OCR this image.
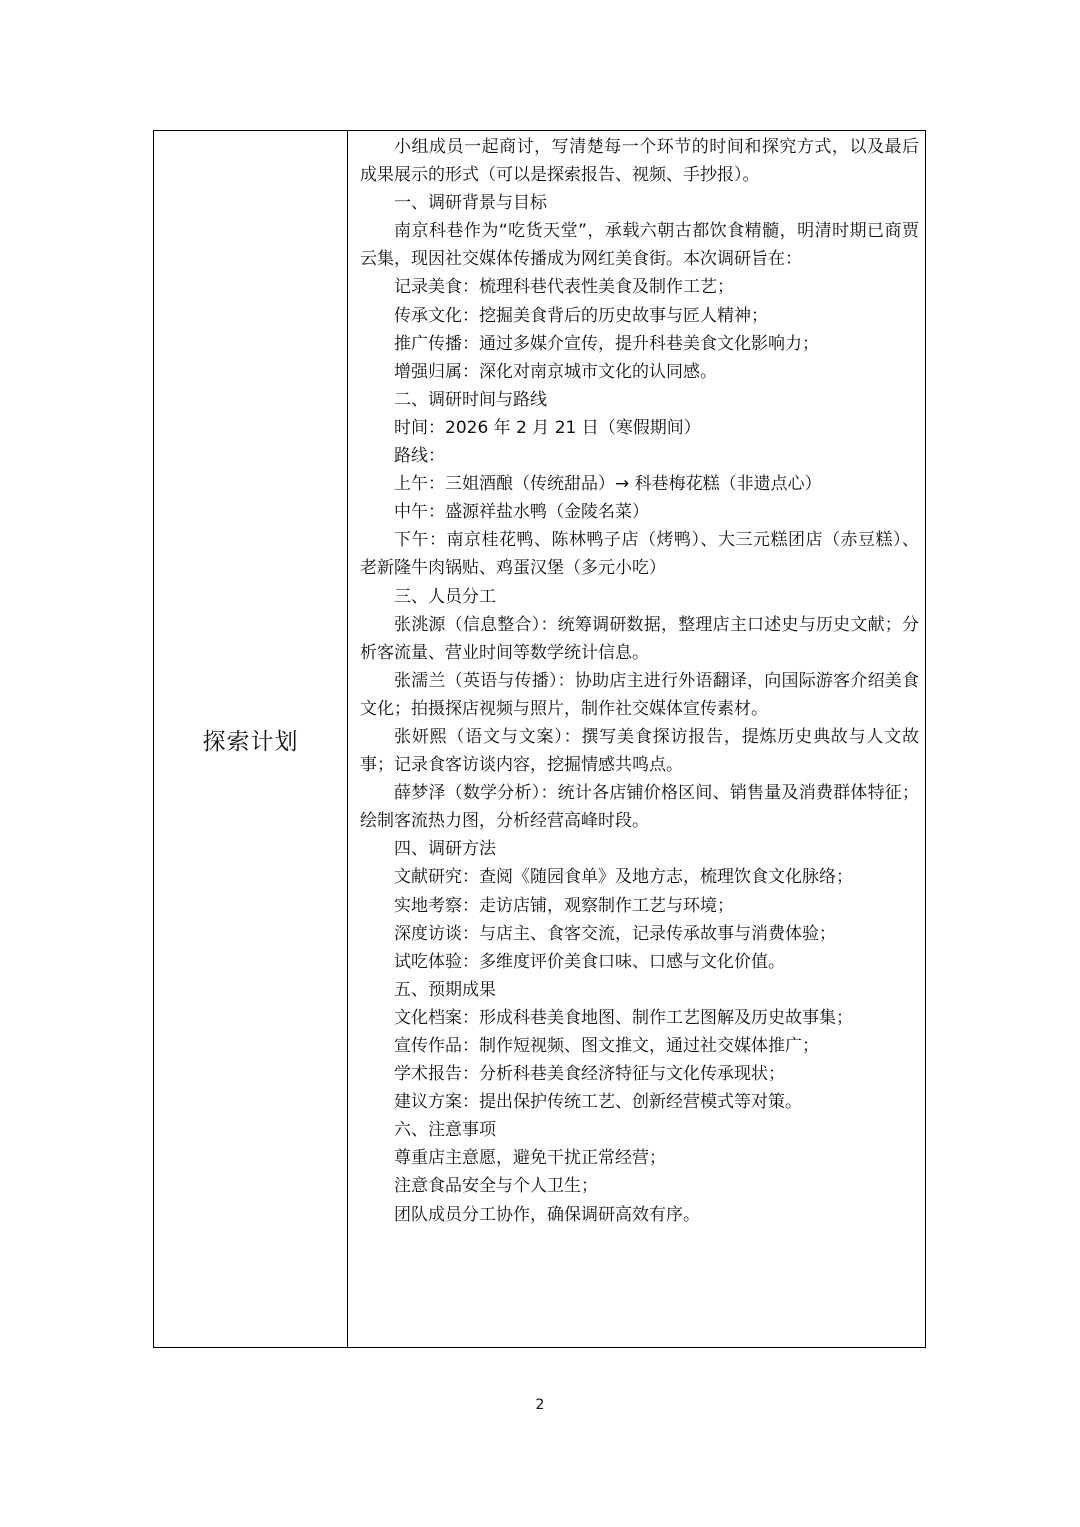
探索计划

小组成员一起商讨，写清楚每一个环节的时间和探究方式，以及最后成果展示的形式（可以是探索报告、视频、手抄报）。

一、调研背景与目标

南京科巷作为“吃货天堂”，承载六朝古都饮食精髓，明清时期已商贾云集，现因社交媒体传播成为网红美食街。本次调研旨在：

记录美食：梳理科巷代表性美食及制作工艺；

传承文化：挖掘美食背后的历史故事与匠人精神；

推广传播：通过多媒介宣传，提升科巷美食文化影响力；

增强归属：深化对南京城市文化的认同感。

二、调研时间与路线

时间：2026 年 2 月 21 日（寒假期间）

路线：

上午：三姐酒酿（传统甜品）→ 科巷梅花糕（非遗点心）

中午：盛源祥盐水鸭（金陵名菜）

下午：南京桂花鸭、陈林鸭子店（烤鸭）、大三元糕团店（赤豆糕）、老新隆牛肉锅贴、鸡蛋汉堡（多元小吃）

三、人员分工

张洮源（信息整合）：统筹调研数据，整理店主口述史与历史文献；分析客流量、营业时间等数学统计信息。

张濡兰（英语与传播）：协助店主进行外语翻译，向国际游客介绍美食文化；拍摄探店视频与照片，制作社交媒体宣传素材。

张妍熙（语文与文案）：撰写美食探访报告，提炼历史典故与人文故事；记录食客访谈内容，挖掘情感共鸣点。

薛梦泽（数学分析）：统计各店铺价格区间、销售量及消费群体特征；绘制客流热力图，分析经营高峰时段。

四、调研方法

文献研究：查阅《随园食单》及地方志，梳理饮食文化脉络；

实地考察：走访店铺，观察制作工艺与环境；

深度访谈：与店主、食客交流，记录传承故事与消费体验；

试吃体验：多维度评价美食口味、口感与文化价值。

五、预期成果

文化档案：形成科巷美食地图、制作工艺图解及历史故事集；

宣传作品：制作短视频、图文推文，通过社交媒体推广；

学术报告：分析科巷美食经济特征与文化传承现状；

建议方案：提出保护传统工艺、创新经营模式等对策。

六、注意事项

尊重店主意愿，避免干扰正常经营；

注意食品安全与个人卫生；

团队成员分工协作，确保调研高效有序。

2
